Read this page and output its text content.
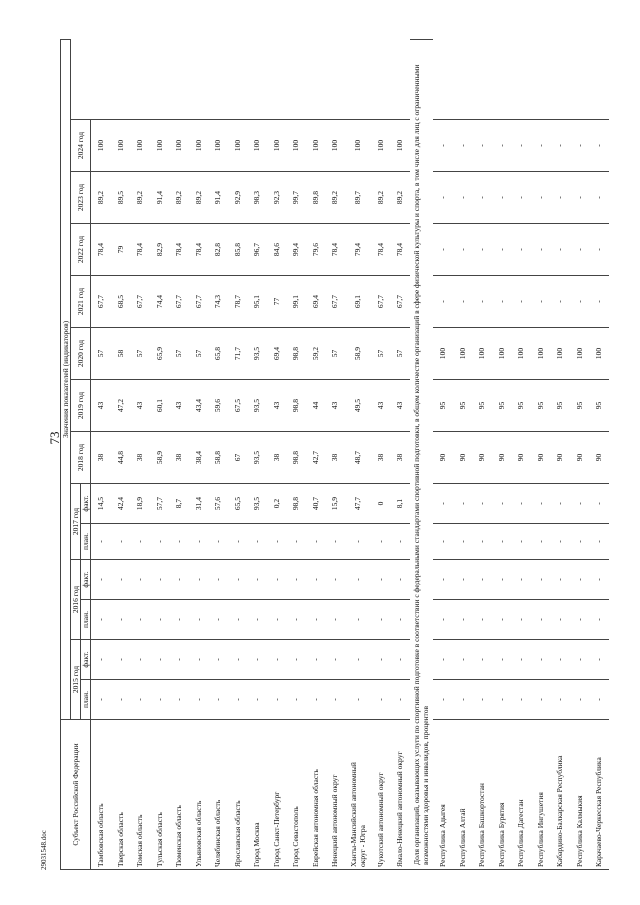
73
29031548.doc
Субъект Российской Федерации	Значения показателей (индикаторов)													
	2015 год		2016 год		2017 год		2018 год	2019 год	2020 год	2021 год	2022 год	2023 год	2024 год	
	план.	факт.	план.	факт.	план.	факт.								
Тамбовская область	-	-	-	-	-	14,5	38	43	57	67,7	78,4	89,2	100	
Тверская область	-	-	-	-	-	42,4	44,8	47,2	58	68,5	79	89,5	100	
Томская область	-	-	-	-	-	18,9	38	43	57	67,7	78,4	89,2	100	
Тульская область	-	-	-	-	-	57,7	58,9	60,1	65,9	74,4	82,9	91,4	100	
Тюменская область	-	-	-	-	-	8,7	38	43	57	67,7	78,4	89,2	100	
Ульяновская область	-	-	-	-	-	31,4	38,4	43,4	57	67,7	78,4	89,2	100	
Челябинская область	-	-	-	-	-	57,6	58,8	59,6	65,8	74,3	82,8	91,4	100	
Ярославская область	-	-	-	-	-	65,5	67	67,5	71,7	78,7	85,8	92,9	100	
Город Москва	-	-	-	-	-	93,5	93,5	93,5	93,5	95,1	96,7	98,3	100	
Город Санкт-Петербург	-	-	-	-	-	0,2	38	43	69,4	77	84,6	92,3	100	
Город Севастополь	-	-	-	-	-	98,8	98,8	98,8	98,8	99,1	99,4	99,7	100	
Еврейская автономная область	-	-	-	-	-	40,7	42,7	44	59,2	69,4	79,6	89,8	100	
Ненецкий автономный округ	-	-	-	-	-	15,9	38	43	57	67,7	78,4	89,2	100	
Ханты-Мансийский автономный
округ - Югра	-	-	-	-	-	47,7	48,7	49,5	58,9	69,1	79,4	89,7	100	
Чукотский автономный округ	-	-	-	-	-	0	38	43	57	67,7	78,4	89,2	100	
Ямало-Ненецкий автономный округ	-	-	-	-	-	8,1	38	43	57	67,7	78,4	89,2	100	
Доля организаций, оказывающих услуги по спортивной подготовке в соответствии с федеральными стандартами спортивной подготовки, в общем количестве организаций в сфере физической культуры и спорта, в том числе для лиц с ограниченными возможностями здоровья и инвалидов, процентов														
Республика Адыгея	-	-	-	-	-	-	90	95	100	-	-	-	-	
Республика Алтай	-	-	-	-	-	-	90	95	100	-	-	-	-	
Республика Башкортостан	-	-	-	-	-	-	90	95	100	-	-	-	-	
Республика Бурятия	-	-	-	-	-	-	90	95	100	-	-	-	-	
Республика Дагестан	-	-	-	-	-	-	90	95	100	-	-	-	-	
Республика Ингушетия	-	-	-	-	-	-	90	95	100	-	-	-	-	
Кабардино-Балкарская Республика	-	-	-	-	-	-	90	95	100	-	-	-	-	
Республика Калмыкия	-	-	-	-	-	-	90	95	100	-	-	-	-	
Карачаево-Черкесская Республика	-	-	-	-	-	-	90	95	100	-	-	-	-	
